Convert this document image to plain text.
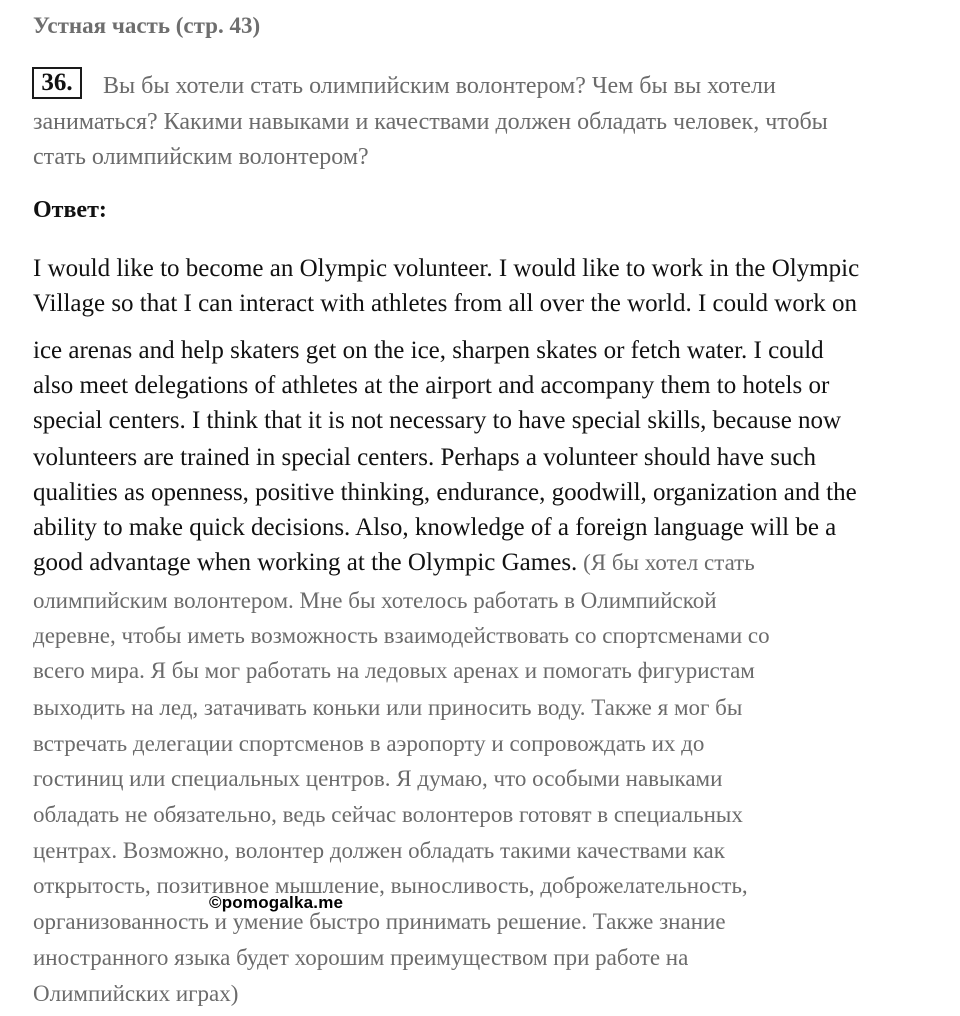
Устная часть (стр. 43)
36.	Вы бы хотели стать олимпийским волонтером? Чем бы вы хотели
заниматься? Какими навыками и качествами должен обладать человек, чтобы
стать олимпийским волонтером?
Ответ:
I would like to become an Olympic volunteer. I would like to work in the Olympic
Village so that I can interact with athletes from all over the world. I could work on
ice arenas and help skaters get on the ice, sharpen skates or fetch water. I could
also meet delegations of athletes at the airport and accompany them to hotels or
special centers. I think that it is not necessary to have special skills, because now
volunteers are trained in special centers. Perhaps a volunteer should have such
qualities as openness, positive thinking, endurance, goodwill, organization and the
ability to make quick decisions. Also, knowledge of a foreign language will be a
good advantage when working at the Olympic Games. (Я бы хотел стать
олимпийским волонтером. Мне бы хотелось работать в Олимпийской
деревне, чтобы иметь возможность взаимодействовать со спортсменами со
всего мира. Я бы мог работать на ледовых аренах и помогать фигуристам
выходить на лед, затачивать коньки или приносить воду. Также я мог бы
встречать делегации спортсменов в аэропорту и сопровождать их до
гостиниц или специальных центров. Я думаю, что особыми навыками
обладать не обязательно, ведь сейчас волонтеров готовят в специальных
центрах. Возможно, волонтер должен обладать такими качествами как
открытость, позитивное мышление, выносливость, доброжелательность,
организованность и умение быстро принимать решение. Также знание
иностранного языка будет хорошим преимуществом при работе на
Олимпийских играх)
©pomogalka.me
